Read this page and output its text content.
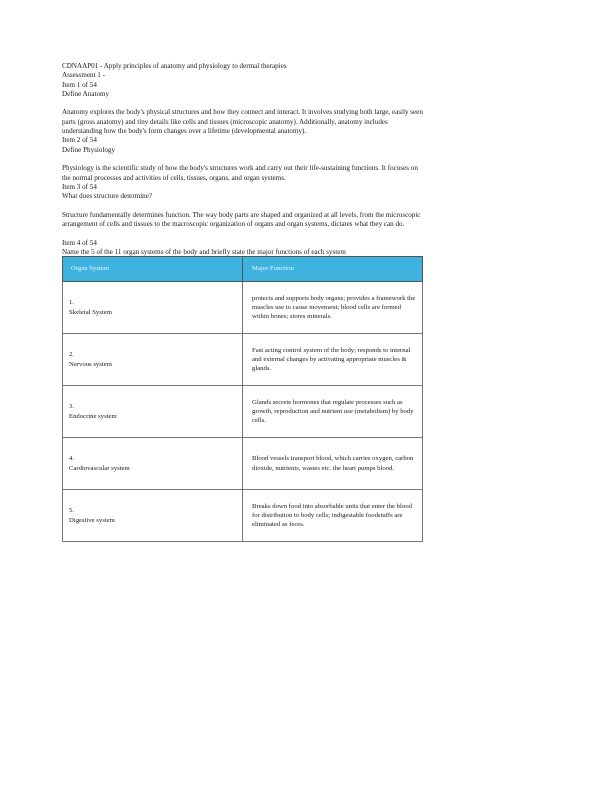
CDNAAP01 - Apply principles of anatomy and physiology to dermal therapies
Assessment 1 -
Item 1 of 54
Define Anatomy
Anatomy explores the body's physical structures and how they connect and interact. It involves studying both large, easily seen parts (gross anatomy) and tiny details like cells and tissues (microscopic anatomy). Additionally, anatomy includes understanding how the body's form changes over a lifetime (developmental anatomy).
Item 2 of 54
Define Physiology
Physiology is the scientific study of how the body's structures work and carry out their life-sustaining functions. It focuses on the normal processes and activities of cells, tissues, organs, and organ systems.
Item 3 of 54
What does structure determine?
Structure fundamentally determines function. The way body parts are shaped and organized at all levels, from the microscopic arrangement of cells and tissues to the macroscopic organization of organs and organ systems, dictates what they can do.
Item 4 of 54
Name the 5 of the 11 organ systems of the body and briefly state the major functions of each system
Organ System	Major Function

1.
Skeletal System	protects and supports body organs; provides a framework the muscles use to cause movement; blood cells are formed within bones; stores minerals.

2.
Nervous system	Fast acting control system of the body; responds to internal and external changes by activating appropriate muscles & glands.

3.
Endocrine system	Glands secrete hormones that regulate processes such as growth, reproduction and nutrient use (metabolism) by body cells.

4.
Cardiovascular system	Blood vessels transport blood, which carries oxygen, carbon dioxide, nutrients, wastes etc. the heart pumps blood.

5.
Digestive system	Breaks down food into absorbable units that enter the blood for distribution to body cells; indigestable foodstuffs are eliminated as feces.
